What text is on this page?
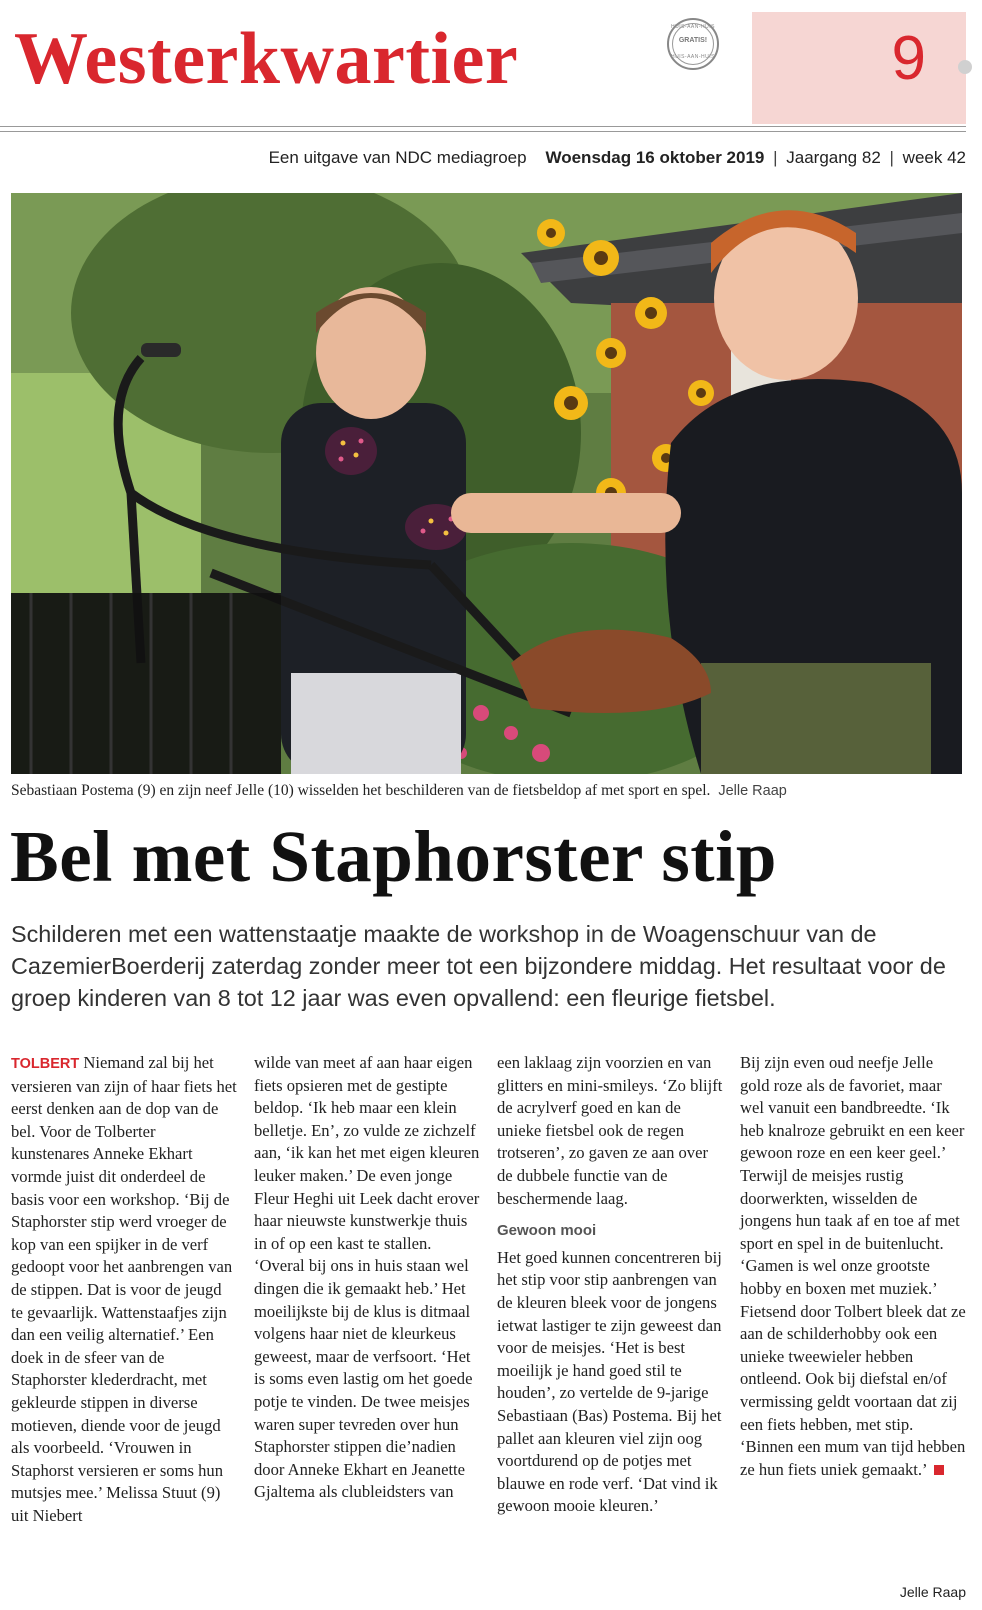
Westerkwartier	HUIS-AAN-HUIS
GRATIS!
HUIS-AAN-HUIS	9
Een uitgave van NDC mediagroep Woensdag 16 oktober 2019 | Jaargang 82 | week 42
Sebastiaan Postema (9) en zijn neef Jelle (10) wisselden het beschilderen van de fietsbeldop af met sport en spel. Jelle Raap
Bel met Staphorster stip
Schilderen met een wattenstaatje maakte de workshop in de Woagenschuur van de CazemierBoerderij zaterdag zonder meer tot een bijzondere middag. Het resultaat voor de groep kinderen van 8 tot 12 jaar was even opvallend: een fleurige fietsbel.

TOLBERT Niemand zal bij het versieren van zijn of haar fiets het eerst denken aan de dop van de bel. Voor de Tolberter kunstenares Anneke Ekhart vormde juist dit onderdeel de basis voor een workshop. ‘Bij de Staphorster stip werd vroeger de kop van een spijker in de verf gedoopt voor het aanbrengen van de stippen. Dat is voor de jeugd te gevaarlijk. Wattenstaafjes zijn dan een veilig alternatief.’ Een doek in de sfeer van de Staphorster klederdracht, met gekleurde stippen in diverse motieven, diende voor de jeugd als voorbeeld. ‘Vrouwen in Staphorst versieren er soms hun mutsjes mee.’ Melissa Stuut (9) uit Niebert

wilde van meet af aan haar eigen fiets opsieren met de gestipte beldop. ‘Ik heb maar een klein belletje. En’, zo vulde ze zichzelf aan, ‘ik kan het met eigen kleuren leuker maken.’ De even jonge Fleur Heghi uit Leek dacht erover haar nieuwste kunstwerkje thuis in of op een kast te stallen. ‘Overal bij ons in huis staan wel dingen die ik gemaakt heb.’ Het moeilijkste bij de klus is ditmaal volgens haar niet de kleurkeus geweest, maar de verfsoort. ‘Het is soms even lastig om het goede potje te vinden. De twee meisjes waren super tevreden over hun Staphorster stippen die’nadien door Anneke Ekhart en Jeanette Gjaltema als clubleidsters van

een laklaag zijn voorzien en van glitters en mini-smileys. ‘Zo blijft de acrylverf goed en kan de unieke fietsbel ook de regen trotseren’, zo gaven ze aan over de dubbele functie van de beschermende laag.

Gewoon mooi

Het goed kunnen concentreren bij het stip voor stip aanbrengen van de kleuren bleek voor de jongens ietwat lastiger te zijn geweest dan voor de meisjes. ‘Het is best moeilijk je hand goed stil te houden’, zo vertelde de 9-jarige Sebastiaan (Bas) Postema. Bij het pallet aan kleuren viel zijn oog voortdurend op de potjes met blauwe en rode verf. ‘Dat vind ik gewoon mooie kleuren.’

Bij zijn even oud neefje Jelle gold roze als de favoriet, maar wel vanuit een bandbreedte. ‘Ik heb knalroze gebruikt en een keer gewoon roze en een keer geel.’ Terwijl de meisjes rustig doorwerkten, wisselden de jongens hun taak af en toe af met sport en spel in de buitenlucht. ‘Gamen is wel onze grootste hobby en boxen met muziek.’ Fietsend door Tolbert bleek dat ze aan de schilderhobby ook een unieke tweewieler hebben ontleend. Ook bij diefstal en/of vermissing geldt voortaan dat zij een fiets hebben, met stip. ‘Binnen een mum van tijd hebben ze hun fiets uniek gemaakt.’

Jelle Raap
